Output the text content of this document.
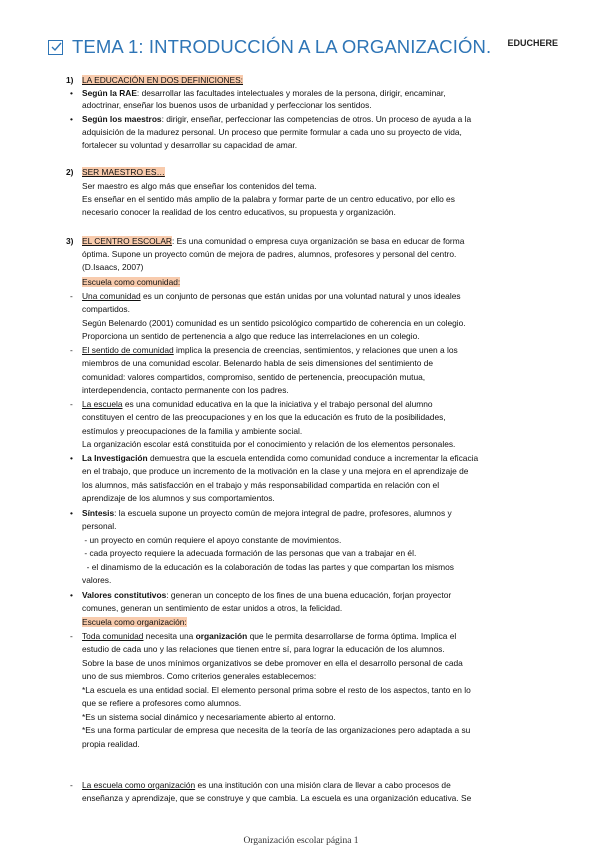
TEMA 1: INTRODUCCIÓN A LA ORGANIZACIÓN. EDUCHERE
1) LA EDUCACIÓN EN DOS DEFINICIONES:
• Según la RAE: desarrollar las facultades intelectuales y morales de la persona, dirigir, encaminar,
adoctrinar, enseñar los buenos usos de urbanidad y perfeccionar los sentidos.
• Según los maestros: dirigir, enseñar, perfeccionar las competencias de otros. Un proceso de ayuda a la
adquisición de la madurez personal. Un proceso que permite formular a cada uno su proyecto de vida,
fortalecer su voluntad y desarrollar su capacidad de amar.
2) SER MAESTRO ES…
Ser maestro es algo más que enseñar los contenidos del tema.
Es enseñar en el sentido más amplio de la palabra y formar parte de un centro educativo, por ello es
necesario conocer la realidad de los centro educativos, su propuesta y organización.
3) EL CENTRO ESCOLAR: Es una comunidad o empresa cuya organización se basa en educar de forma
óptima. Supone un proyecto común de mejora de padres, alumnos, profesores y personal del centro.
(D.Isaacs, 2007)
Escuela como comunidad:
- Una comunidad es un conjunto de personas que están unidas por una voluntad natural y unos ideales
compartidos.
Según Belenardo (2001) comunidad es un sentido psicológico compartido de coherencia en un colegio.
Proporciona un sentido de pertenencia a algo que reduce las interrelaciones en un colegio.
- El sentido de comunidad implica la presencia de creencias, sentimientos, y relaciones que unen a los
miembros de una comunidad escolar. Belenardo habla de seis dimensiones del sentimiento de
comunidad: valores compartidos, compromiso, sentido de pertenencia, preocupación mutua,
interdependencia, contacto permanente con los padres.
- La escuela es una comunidad educativa en la que la iniciativa y el trabajo personal del alumno
constituyen el centro de las preocupaciones y en los que la educación es fruto de la posibilidades,
estímulos y preocupaciones de la familia y ambiente social.
La organización escolar está constituida por el conocimiento y relación de los elementos personales.
• La Investigación demuestra que la escuela entendida como comunidad conduce a incrementar la eficacia
en el trabajo, que produce un incremento de la motivación en la clase y una mejora en el aprendizaje de
los alumnos, más satisfacción en el trabajo y más responsabilidad compartida en relación con el
aprendizaje de los alumnos y sus comportamientos.
• Síntesis: la escuela supone un proyecto común de mejora integral de padre, profesores, alumnos y
personal.
- un proyecto en común requiere el apoyo constante de movimientos.
- cada proyecto requiere la adecuada formación de las personas que van a trabajar en él.
- el dinamismo de la educación es la colaboración de todas las partes y que compartan los mismos
valores.
• Valores constitutivos: generan un concepto de los fines de una buena educación, forjan proyector
comunes, generan un sentimiento de estar unidos a otros, la felicidad.
Escuela como organización:
- Toda comunidad necesita una organización que le permita desarrollarse de forma óptima. Implica el
estudio de cada uno y las relaciones que tienen entre sí, para lograr la educación de los alumnos.
Sobre la base de unos mínimos organizativos se debe promover en ella el desarrollo personal de cada
uno de sus miembros. Como criterios generales establecemos:
*La escuela es una entidad social. El elemento personal prima sobre el resto de los aspectos, tanto en lo
que se refiere a profesores como alumnos.
*Es un sistema social dinámico y necesariamente abierto al entorno.
*Es una forma particular de empresa que necesita de la teoría de las organizaciones pero adaptada a su
propia realidad.
- La escuela como organización es una institución con una misión clara de llevar a cabo procesos de
enseñanza y aprendizaje, que se construye y que cambia. La escuela es una organización educativa. Se
Organización escolar página 1
